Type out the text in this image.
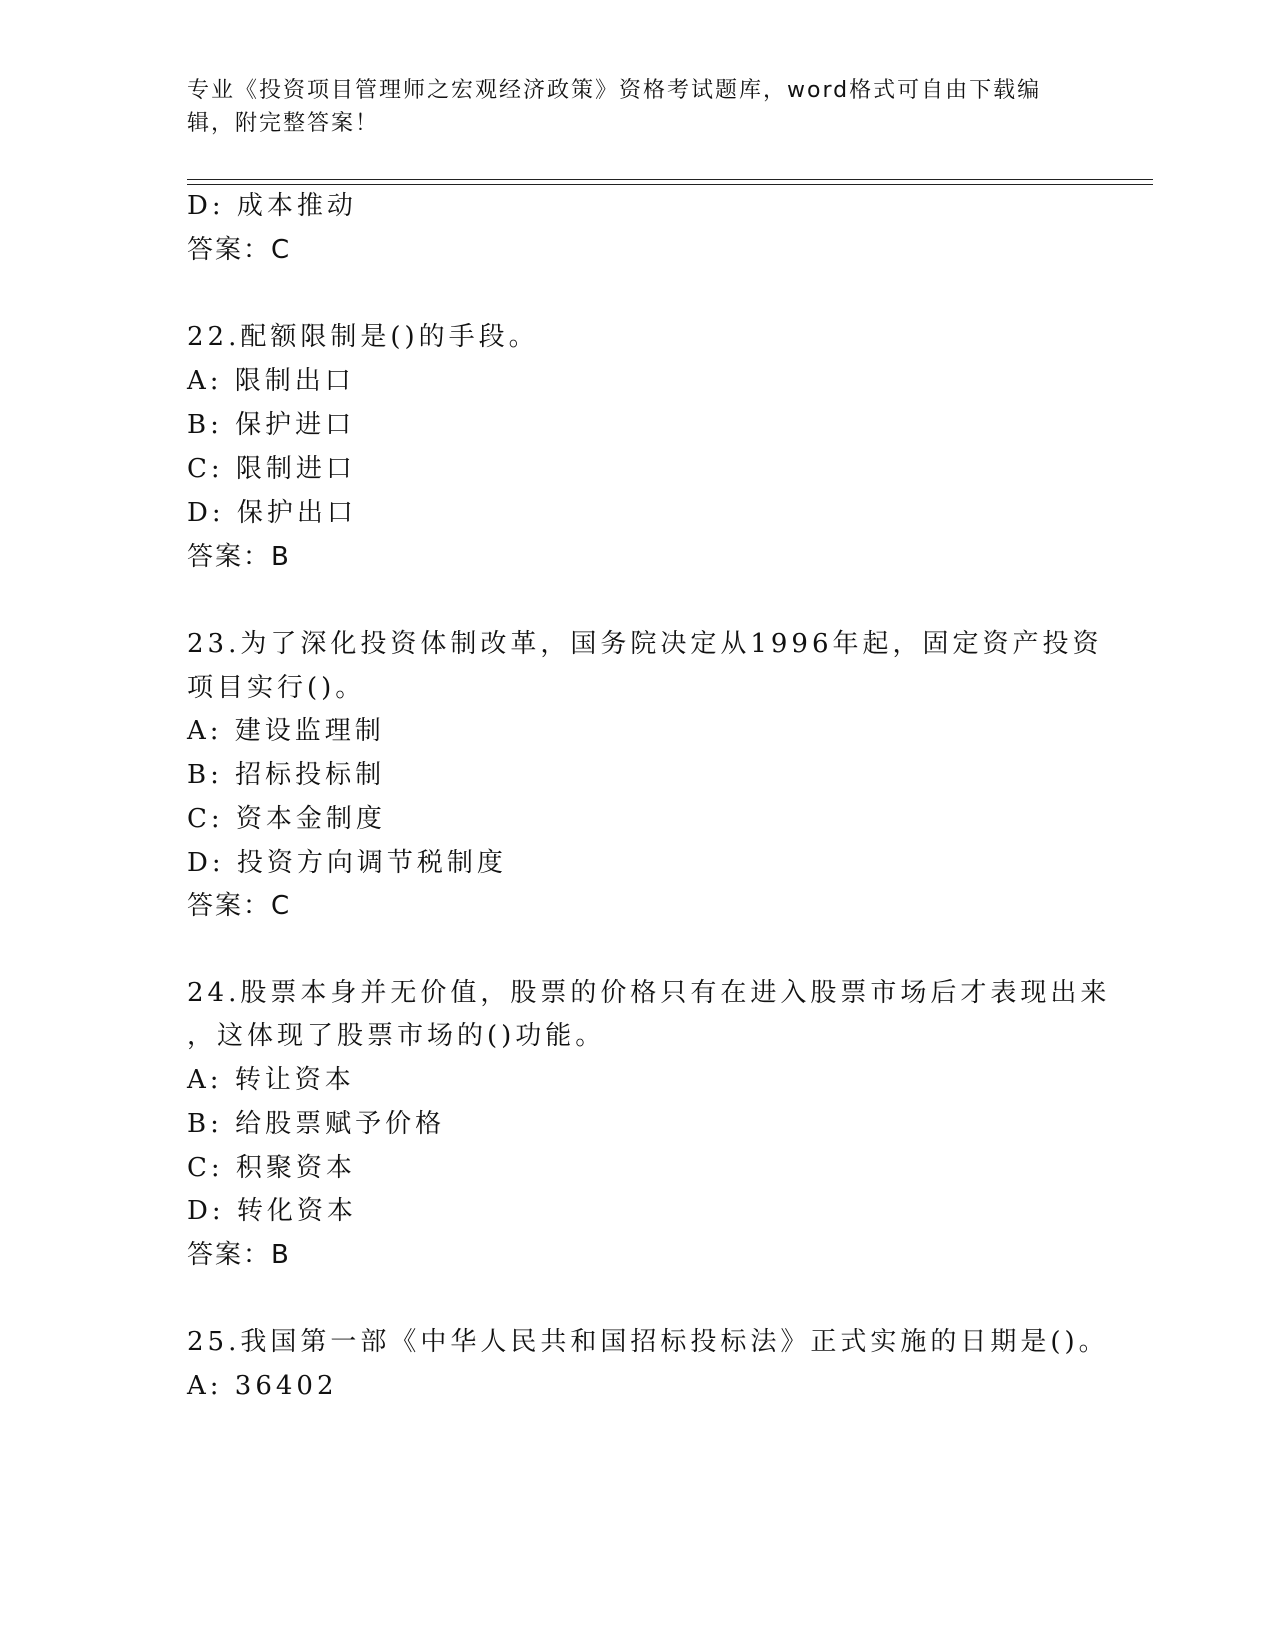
专业《投资项目管理师之宏观经济政策》资格考试题库，word格式可自由下载编辑，附完整答案！
D: 成本推动
答案：C
22.配额限制是()的手段。
A: 限制出口
B: 保护进口
C: 限制进口
D: 保护出口
答案：B
23.为了深化投资体制改革，国务院决定从1996年起，固定资产投资
项目实行()。
A: 建设监理制
B: 招标投标制
C: 资本金制度
D: 投资方向调节税制度
答案：C
24.股票本身并无价值，股票的价格只有在进入股票市场后才表现出来
，这体现了股票市场的()功能。
A: 转让资本
B: 给股票赋予价格
C: 积聚资本
D: 转化资本
答案：B
25.我国第一部《中华人民共和国招标投标法》正式实施的日期是()。
A: 36402
